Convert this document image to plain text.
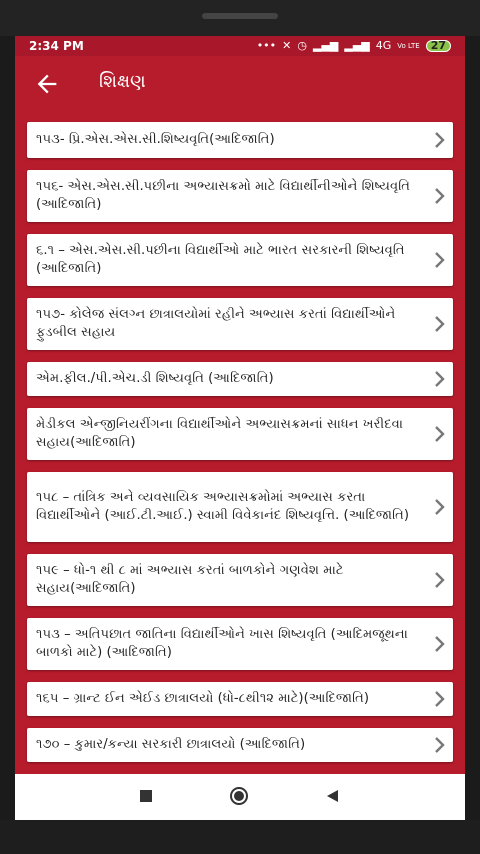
2:34 PM	••• ✕ ◷ ▂▄▆ ▂▄▆ 4G Vo LTE	27
શિક્ષણ
૧૫૩- પ્રિ.એસ.એસ.સી.શિષ્યવૃતિ(આદિજાતિ)
૧૫૬- એસ.એસ.સી.પછીના અભ્યાસક્રમો માટે વિદ્યાર્થીનીઓને શિષ્યવૃતિ (આદિજાતિ)
૬.૧ – એસ.એસ.સી.પછીના વિદ્યાર્થીઓ માટે ભારત સરકારની શિષ્યવૃતિ (આદિજાતિ)
૧૫૭- કોલેજ સંલગ્ન છાત્રાલયોમાં રહીને અભ્યાસ કરતાં વિદ્યાર્થીઓને ફુડબીલ સહાય
એમ.ફીલ./પી.એચ.ડી શિષ્યવૃતિ (આદિજાતિ)
મેડીકલ એન્જીનિયરીંગના વિદ્યાર્થીઓને અભ્યાસક્રમનાં સાધન ખરીદવા સહાય(આદિજાતિ)
૧૫૮ – તાંત્રિક અને વ્યવસાયિક અભ્યાસક્રમોમાં અભ્યાસ કરતા વિદ્યાર્થીઓને (આઈ.ટી.આઈ.) સ્વામી વિવેકાનંદ શિષ્યવૃત્તિ. (આદિજાતિ)
૧૫૯ – ધો-૧ થી ૮ માં અભ્યાસ કરતાં બાળકોને ગણવેશ માટે સહાય(આદિજાતિ)
૧૫૩ – અતિપછાત જાતિના વિદ્યાર્થીઓને ખાસ શિષ્યવૃતિ (આદિમજૂથના બાળકો માટે) (આદિજાતિ)
૧૬૫ – ગ્રાન્ટ ઈન એઈડ છાત્રાલયો (ધો-૮થી૧૨ માટે)(આદિજાતિ)
૧૭૦ – કુમાર/કન્યા સરકારી છાત્રાલયો (આદિજાતિ)
